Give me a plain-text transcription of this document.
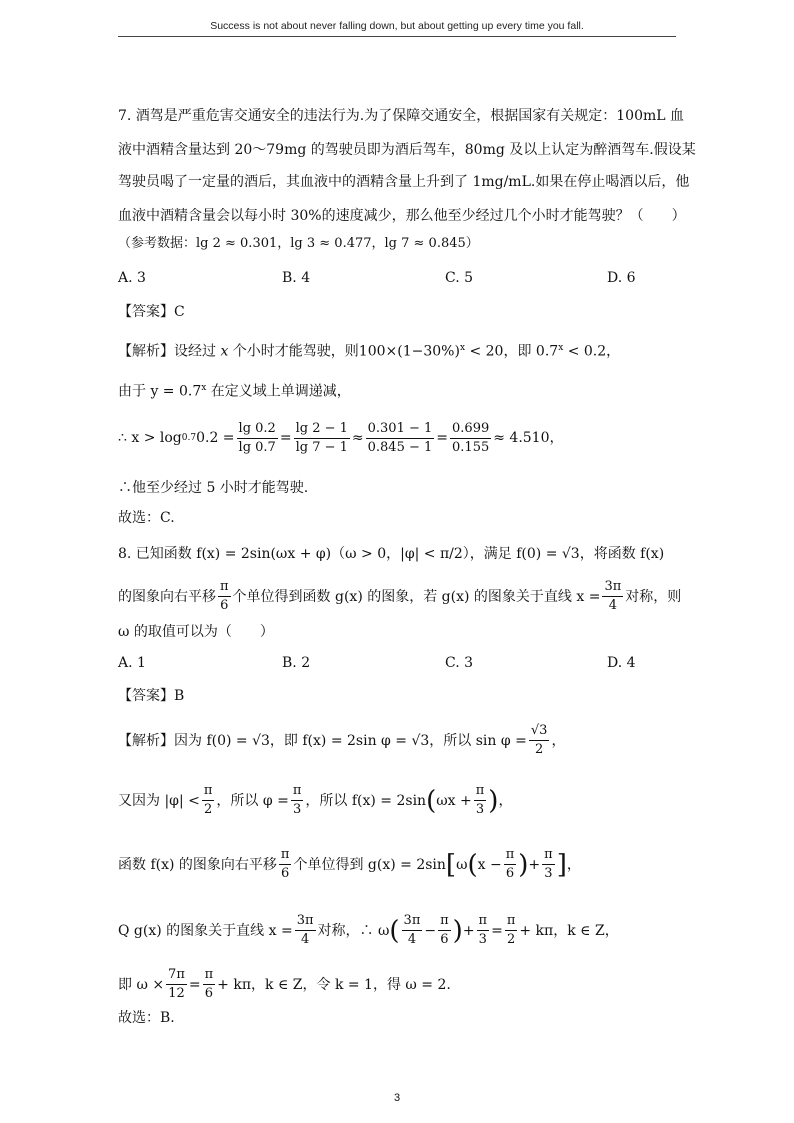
Success is not about never falling down, but about getting up every time you fall.
7. 酒驾是严重危害交通安全的违法行为.为了保障交通安全，根据国家有关规定：100mL 血
液中酒精含量达到 20～79mg 的驾驶员即为酒后驾车，80mg 及以上认定为醉酒驾车.假设某
驾驶员喝了一定量的酒后，其血液中的酒精含量上升到了 1mg/mL.如果在停止喝酒以后，他
血液中酒精含量会以每小时 30%的速度减少，那么他至少经过几个小时才能驾驶？（　　）
（参考数据：lg 2 ≈ 0.301，lg 3 ≈ 0.477，lg 7 ≈ 0.845）
A. 3	B. 4	C. 5	D. 6
【答案】C
【解析】设经过 x 个小时才能驾驶，则$100\times(1-30\%)^x < 20$，即 $0.7^x < 0.2$，
由于 $y = 0.7^x$ 在定义域上单调递减，
∴ x > log 0.7 $0.2 = \frac{\lg 0.2}{\lg 0.7} = \frac{\lg 2 - 1}{\lg 7 - 1} \approx \frac{0.301 - 1}{0.845 - 1} = \frac{0.699}{0.155} \approx 4.510$，
∴他至少经过 5 小时才能驾驶.
故选：C.
8. 已知函数 f(x) = 2sin(ωx + φ)（ω > 0，|φ| < π/2），满足 f(0) = √3，将函数 f(x)
的图象向右平移 $\frac{\pi}{6}$ 个单位得到函数 g(x) 的图象，若 g(x) 的图象关于直线 $x = \frac{3\pi}{4}$ 对称，则
ω 的取值可以为（　　）
A. 1	B. 2	C. 3	D. 4
【答案】B
【解析】因为 f(0) = √3，即 f(x) = 2sin φ = √3，所以 $\sin \varphi = \frac{√3}{2}$ ，
又因为 $|\varphi| < \frac{\pi}{2}$ ，所以 $\varphi = \frac{\pi}{3}$ ，所以 f(x) = 2sin ( $\omega x + \frac{\pi}{3}$ ) ，
函数 f(x) 的图象向右平移 $\frac{\pi}{6}$ 个单位得到 g(x) = 2sin [ ω ( $x - \frac{\pi}{6}$ ) + $\frac{\pi}{3}$ ] ，
Q g(x) 的图象关于直线 $x = \frac{3\pi}{4}$ 对称，∴ ω ( $\frac{3\pi}{4} - \frac{\pi}{6}$ ) + $\frac{\pi}{3} = \frac{\pi}{2} + k\pi$，k ∈ Z，
即 $\omega \times \frac{7\pi}{12} = \frac{\pi}{6} + k\pi$，k ∈ Z，令 k = 1，得 ω = 2.
故选：B.
3
